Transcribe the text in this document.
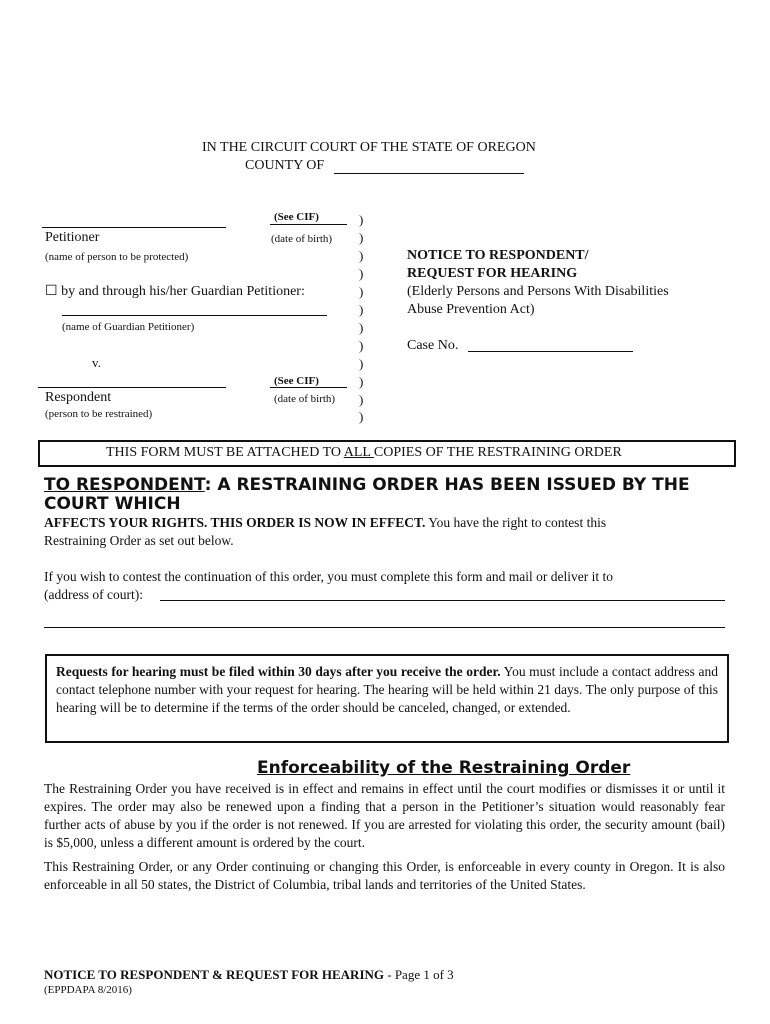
IN THE CIRCUIT COURT OF THE STATE OF OREGON
COUNTY OF
(See CIF)
Petitioner	(date of birth)
(name of person to be protected)
☐ by and through his/her Guardian Petitioner:
(name of Guardian Petitioner)
v.
(See CIF)
Respondent	(date of birth)
(person to be restrained)
)
)
)
)
)
)
)
)
)
)
)
)
NOTICE TO RESPONDENT/
REQUEST FOR HEARING
(Elderly Persons and Persons With Disabilities
Abuse Prevention Act)
Case No.
THIS FORM MUST BE ATTACHED TO ALL COPIES OF THE RESTRAINING ORDER
TO RESPONDENT: A RESTRAINING ORDER HAS BEEN ISSUED BY THE
COURT WHICH
AFFECTS YOUR RIGHTS. THIS ORDER IS NOW IN EFFECT. You have the right to contest this
Restraining Order as set out below.
If you wish to contest the continuation of this order, you must complete this form and mail or deliver it to
(address of court):
Requests for hearing must be filed within 30 days after you receive the order. You must include a contact address and contact telephone number with your request for hearing. The hearing will be held within 21 days. The only purpose of this hearing will be to determine if the terms of the order should be canceled, changed, or extended.
Enforceability of the Restraining Order
The Restraining Order you have received is in effect and remains in effect until the court modifies or dismisses it or until it expires. The order may also be renewed upon a finding that a person in the Petitioner’s situation would reasonably fear further acts of abuse by you if the order is not renewed. If you are arrested for violating this order, the security amount (bail) is $5,000, unless a different amount is ordered by the court.
This Restraining Order, or any Order continuing or changing this Order, is enforceable in every county in Oregon. It is also enforceable in all 50 states, the District of Columbia, tribal lands and territories of the United States.
NOTICE TO RESPONDENT & REQUEST FOR HEARING - Page 1 of 3
(EPPDAPA 8/2016)
